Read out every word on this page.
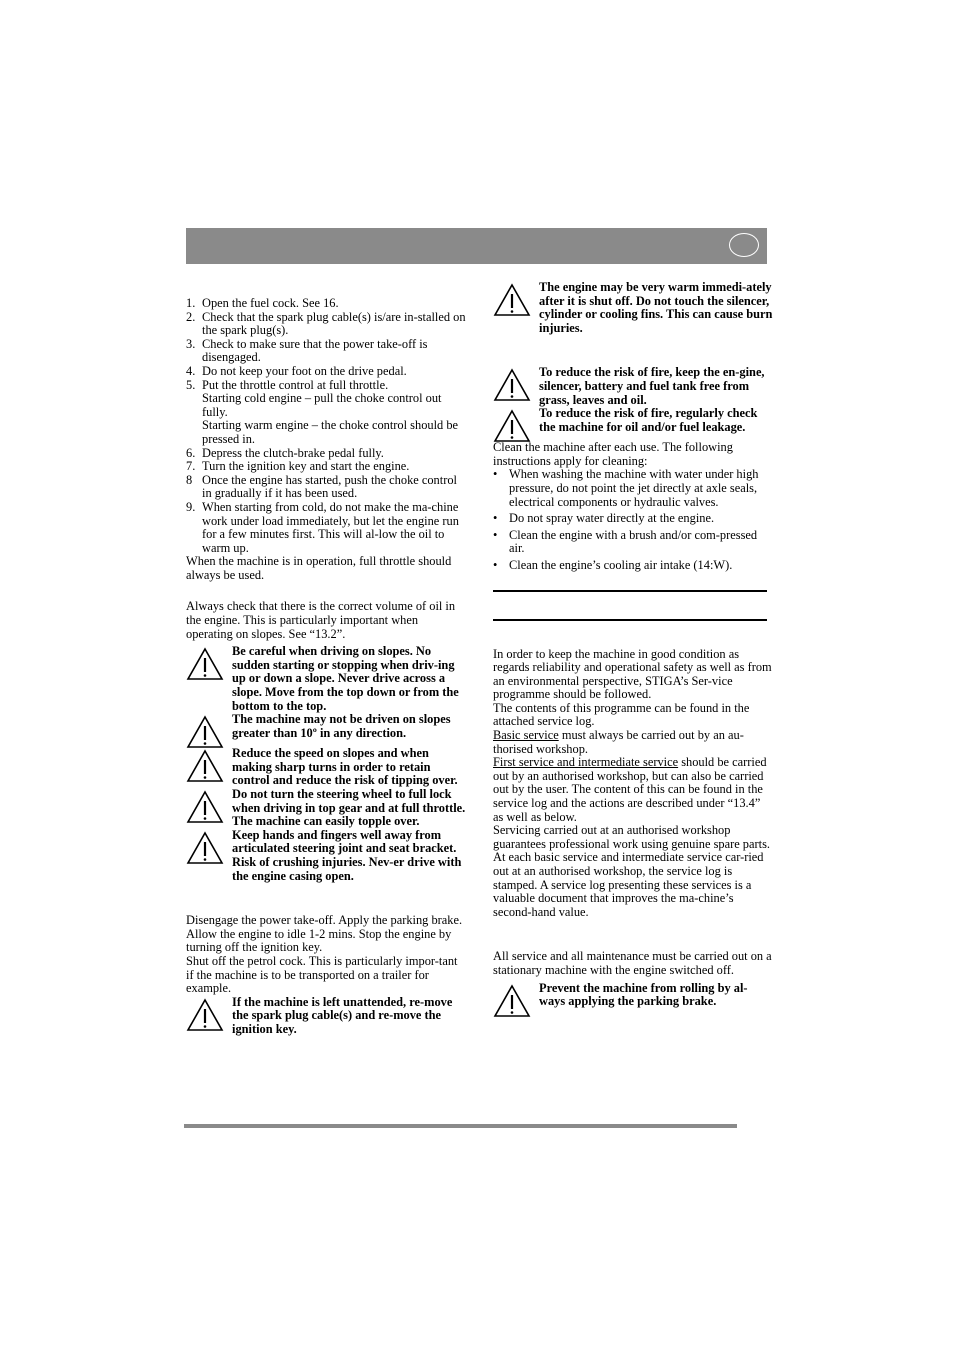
1. Open the fuel cock. See 16.
2. Check that the spark plug cable(s) is/are in-stalled on the spark plug(s).
3. Check to make sure that the power take-off is disengaged.
4. Do not keep your foot on the drive pedal.
5. Put the throttle control at full throttle.

Starting cold engine – pull the choke control out fully.

Starting warm engine – the choke control should be pressed in.

6. Depress the clutch-brake pedal fully.
7. Turn the ignition key and start the engine.
8 Once the engine has started, push the choke control in gradually if it has been used.
9. When starting from cold, do not make the ma-chine work under load immediately, but let the engine run for a few minutes first. This will al-low the oil to warm up.

When the machine is in operation, full throttle should always be used.

Always check that there is the correct volume of oil in the engine. This is particularly important when operating on slopes. See “13.2”.

Be careful when driving on slopes. No sudden starting or stopping when driv-ing up or down a slope. Never drive across a slope. Move from the top down or from the bottom to the top.
The machine may not be driven on slopes greater than 10º in any direction.
Reduce the speed on slopes and when making sharp turns in order to retain control and reduce the risk of tipping over.
Do not turn the steering wheel to full lock when driving in top gear and at full throttle. The machine can easily topple over.
Keep hands and fingers well away from articulated steering joint and seat bracket. Risk of crushing injuries. Nev-er drive with the engine casing open.

Disengage the power take-off. Apply the parking brake.

Allow the engine to idle 1-2 mins. Stop the engine by turning off the ignition key.

Shut off the petrol cock. This is particularly impor-tant if the machine is to be transported on a trailer for example.

If the machine is left unattended, re-move the spark plug cable(s) and re-move the ignition key.
The engine may be very warm immedi-ately after it is shut off. Do not touch the silencer, cylinder or cooling fins. This can cause burn injuries.
To reduce the risk of fire, keep the en-gine, silencer, battery and fuel tank free from grass, leaves and oil.
To reduce the risk of fire, regularly check the machine for oil and/or fuel leakage.

Clean the machine after each use. The following instructions apply for cleaning:

• When washing the machine with water under high pressure, do not point the jet directly at axle seals, electrical components or hydraulic valves.
• Do not spray water directly at the engine.
• Clean the engine with a brush and/or com-pressed air.
• Clean the engine’s cooling air intake (14:W).

In order to keep the machine in good condition as regards reliability and operational safety as well as from an environmental perspective, STIGA’s Ser-vice programme should be followed.

The contents of this programme can be found in the attached service log.

Basic service must always be carried out by an au-thorised workshop.

First service and intermediate service should be carried out by an authorised workshop, but can also be carried out by the user. The content of this can be found in the service log and the actions are described under “13.4” as well as below.

Servicing carried out at an authorised workshop guarantees professional work using genuine spare parts.

At each basic service and intermediate service car-ried out at an authorised workshop, the service log is stamped. A service log presenting these services is a valuable document that improves the ma-chine’s second-hand value.

All service and all maintenance must be carried out on a stationary machine with the engine switched off.

Prevent the machine from rolling by al-ways applying the parking brake.
